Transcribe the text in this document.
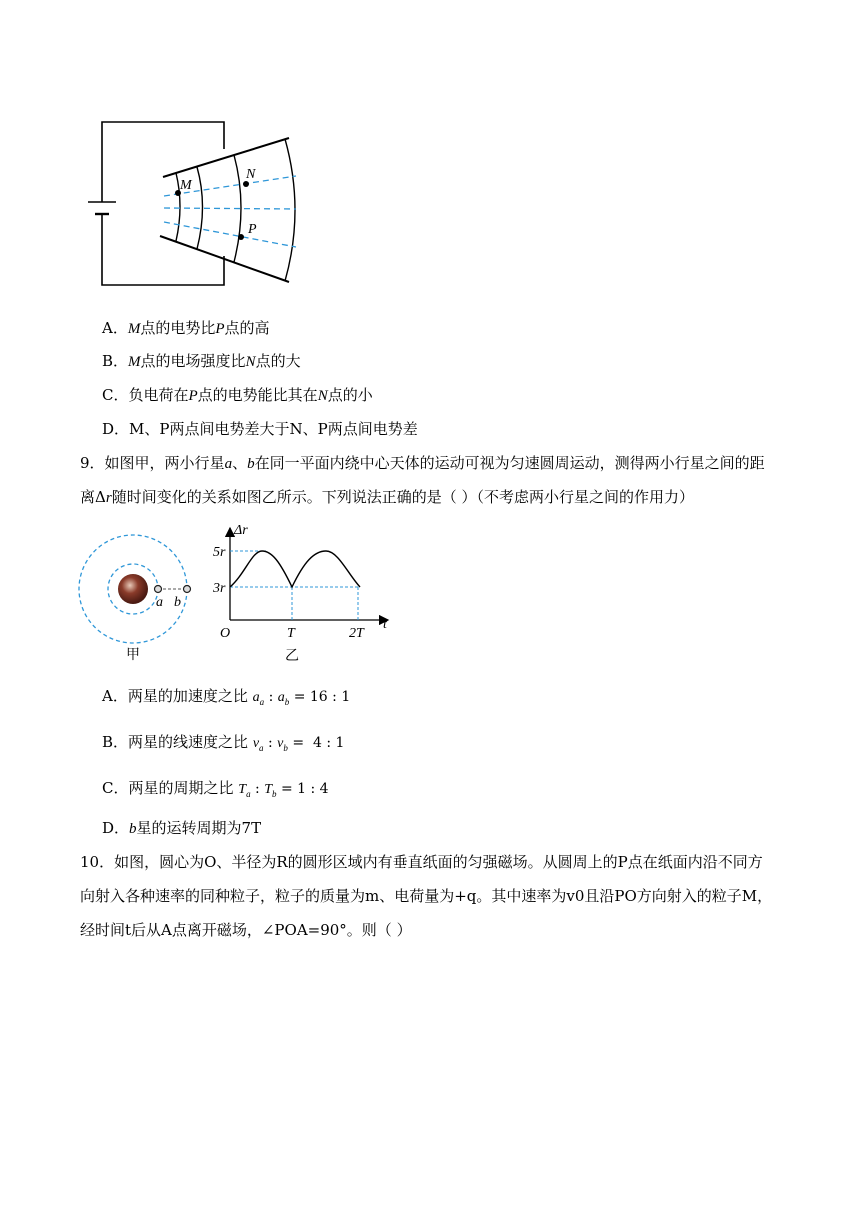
M
N
P
A．M点的电势比P点的高
B．M点的电场强度比N点的大
C．负电荷在P点的电势能比其在N点的小
D．M、P两点间电势差大于N、P两点间电势差
9．如图甲，两小行星a、b在同一平面内绕中心天体的运动可视为匀速圆周运动，测得两小行星之间的距
离Δr随时间变化的关系如图乙所示。下列说法正确的是（ ）（不考虑两小行星之间的作用力）
a b
甲
Δr
5r
3r
O	T	2T
t
乙
A．两星的加速度之比 $a_a$ : $a_b = 16$ : 1
B．两星的线速度之比 $v_a$ : $v_b = 4$ : 1
C．两星的周期之比 $T_a$ : $T_b = 1$ : 4
D．b星的运转周期为7T
10．如图，圆心为O、半径为R的圆形区域内有垂直纸面的匀强磁场。从圆周上的P点在纸面内沿不同方
向射入各种速率的同种粒子，粒子的质量为m、电荷量为+q。其中速率为v0且沿PO方向射入的粒子M，
经时间t后从A点离开磁场，∠POA=90°。则（ ）
